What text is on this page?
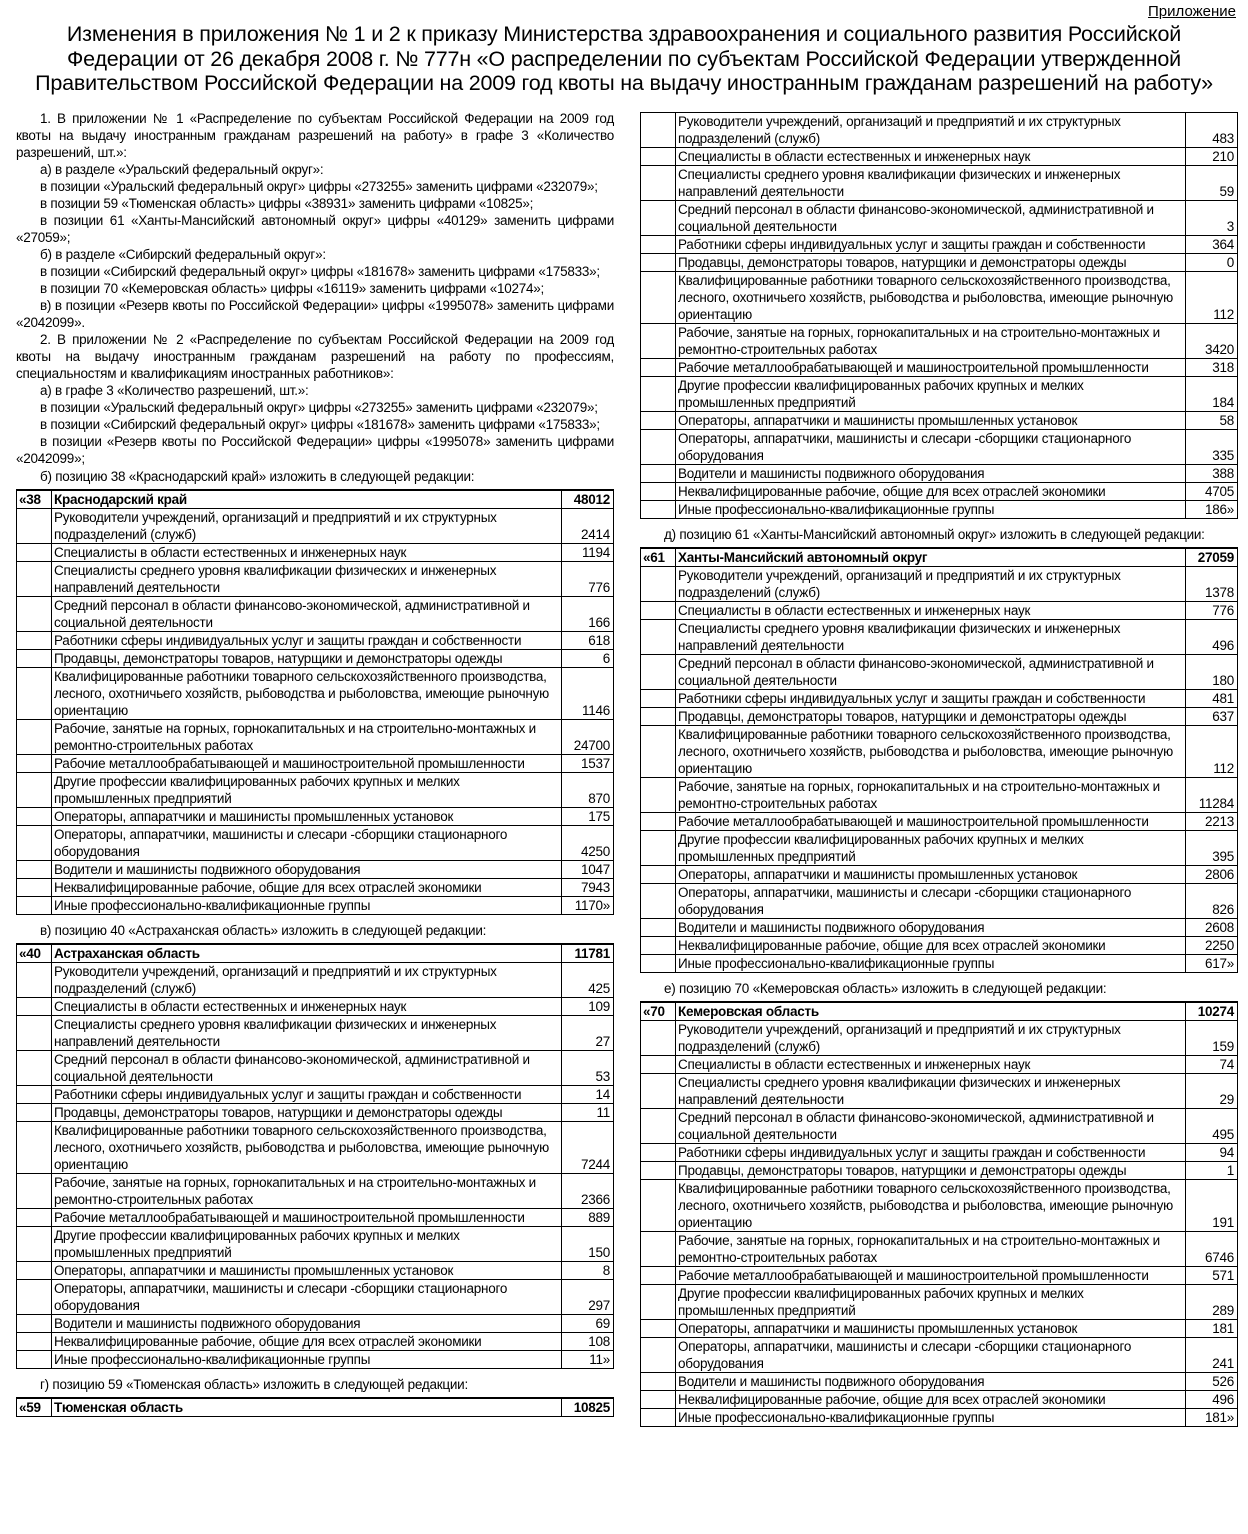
Приложение
Изменения в приложения № 1 и 2 к приказу Министерства здравоохранения и социального развития Российской Федерации от 26 декабря 2008 г. № 777н «О распределении по субъектам Российской Федерации утвержденной Правительством Российской Федерации на 2009 год квоты на выдачу иностранным гражданам разрешений на работу»

1. В приложении № 1 «Распределение по субъектам Российской Федерации на 2009 год квоты на выдачу иностранным гражданам разрешений на работу» в графе 3 «Количество разрешений, шт.»:

а) в разделе «Уральский федеральный округ»:

в позиции «Уральский федеральный округ» цифры «273255» заменить цифрами «232079»;

в позиции 59 «Тюменская область» цифры «38931» заменить цифрами «10825»;

в позиции 61 «Ханты-Мансийский автономный округ» цифры «40129» заменить цифрами «27059»;

б) в разделе «Сибирский федеральный округ»:

в позиции «Сибирский федеральный округ» цифры «181678» заменить цифрами «175833»;

в позиции 70 «Кемеровская область» цифры «16119» заменить цифрами «10274»;

в) в позиции «Резерв квоты по Российской Федерации» цифры «1995078» заменить цифрами «2042099».

2. В приложении № 2 «Распределение по субъектам Российской Федерации на 2009 год квоты на выдачу иностранным гражданам разрешений на работу по профессиям, специальностям и квалификациям иностранных работников»:

а) в графе 3 «Количество разрешений, шт.»:

в позиции «Уральский федеральный округ» цифры «273255» заменить цифрами «232079»;

в позиции «Сибирский федеральный округ» цифры «181678» заменить цифрами «175833»;

в позиции «Резерв квоты по Российской Федерации» цифры «1995078» заменить цифрами «2042099»;

б) позицию 38 «Краснодарский край» изложить в следующей редакции:

«38	Краснодарский край	48012
	Руководители учреждений, организаций и предприятий и их структурных подразделений (служб)	2414
	Специалисты в области естественных и инженерных наук	1194
	Специалисты среднего уровня квалификации физических и инженерных направлений деятельности	776
	Средний персонал в области финансово-экономической, административной и социальной деятельности	166
	Работники сферы индивидуальных услуг и защиты граждан и собственности	618
	Продавцы, демонстраторы товаров, натурщики и демонстраторы одежды	6
	Квалифицированные работники товарного сельскохозяйственного производства, лесного, охотничьего хозяйств, рыбоводства и рыболовства, имеющие рыночную ориентацию	1146
	Рабочие, занятые на горных, горнокапитальных и на строительно-монтажных и ремонтно-строительных работах	24700
	Рабочие металлообрабатывающей и машиностроительной промышленности	1537
	Другие профессии квалифицированных рабочих крупных и мелких промышленных предприятий	870
	Операторы, аппаратчики и машинисты промышленных установок	175
	Операторы, аппаратчики, машинисты и слесари -сборщики стационарного оборудования	4250
	Водители и машинисты подвижного оборудования	1047
	Неквалифицированные рабочие, общие для всех отраслей экономики	7943
	Иные профессионально-квалификационные группы	1170»

в) позицию 40 «Астраханская область» изложить в следующей редакции:

«40	Астраханская область	11781
	Руководители учреждений, организаций и предприятий и их структурных подразделений (служб)	425
	Специалисты в области естественных и инженерных наук	109
	Специалисты среднего уровня квалификации физических и инженерных направлений деятельности	27
	Средний персонал в области финансово-экономической, административной и социальной деятельности	53
	Работники сферы индивидуальных услуг и защиты граждан и собственности	14
	Продавцы, демонстраторы товаров, натурщики и демонстраторы одежды	11
	Квалифицированные работники товарного сельскохозяйственного производства, лесного, охотничьего хозяйств, рыбоводства и рыболовства, имеющие рыночную ориентацию	7244
	Рабочие, занятые на горных, горнокапитальных и на строительно-монтажных и ремонтно-строительных работах	2366
	Рабочие металлообрабатывающей и машиностроительной промышленности	889
	Другие профессии квалифицированных рабочих крупных и мелких промышленных предприятий	150
	Операторы, аппаратчики и машинисты промышленных установок	8
	Операторы, аппаратчики, машинисты и слесари -сборщики стационарного оборудования	297
	Водители и машинисты подвижного оборудования	69
	Неквалифицированные рабочие, общие для всех отраслей экономики	108
	Иные профессионально-квалификационные группы	11»

г) позицию 59 «Тюменская область» изложить в следующей редакции:

«59	Тюменская область	10825
	Руководители учреждений, организаций и предприятий и их структурных подразделений (служб)	483
	Специалисты в области естественных и инженерных наук	210
	Специалисты среднего уровня квалификации физических и инженерных направлений деятельности	59
	Средний персонал в области финансово-экономической, административной и социальной деятельности	3
	Работники сферы индивидуальных услуг и защиты граждан и собственности	364
	Продавцы, демонстраторы товаров, натурщики и демонстраторы одежды	0
	Квалифицированные работники товарного сельскохозяйственного производства, лесного, охотничьего хозяйств, рыбоводства и рыболовства, имеющие рыночную ориентацию	112
	Рабочие, занятые на горных, горнокапитальных и на строительно-монтажных и ремонтно-строительных работах	3420
	Рабочие металлообрабатывающей и машиностроительной промышленности	318
	Другие профессии квалифицированных рабочих крупных и мелких промышленных предприятий	184
	Операторы, аппаратчики и машинисты промышленных установок	58
	Операторы, аппаратчики, машинисты и слесари -сборщики стационарного оборудования	335
	Водители и машинисты подвижного оборудования	388
	Неквалифицированные рабочие, общие для всех отраслей экономики	4705
	Иные профессионально-квалификационные группы	186»

д) позицию 61 «Ханты-Мансийский автономный округ» изложить в следующей редакции:

«61	Ханты-Мансийский автономный округ	27059
	Руководители учреждений, организаций и предприятий и их структурных подразделений (служб)	1378
	Специалисты в области естественных и инженерных наук	776
	Специалисты среднего уровня квалификации физических и инженерных направлений деятельности	496
	Средний персонал в области финансово-экономической, административной и социальной деятельности	180
	Работники сферы индивидуальных услуг и защиты граждан и собственности	481
	Продавцы, демонстраторы товаров, натурщики и демонстраторы одежды	637
	Квалифицированные работники товарного сельскохозяйственного производства, лесного, охотничьего хозяйств, рыбоводства и рыболовства, имеющие рыночную ориентацию	112
	Рабочие, занятые на горных, горнокапитальных и на строительно-монтажных и ремонтно-строительных работах	11284
	Рабочие металлообрабатывающей и машиностроительной промышленности	2213
	Другие профессии квалифицированных рабочих крупных и мелких промышленных предприятий	395
	Операторы, аппаратчики и машинисты промышленных установок	2806
	Операторы, аппаратчики, машинисты и слесари -сборщики стационарного оборудования	826
	Водители и машинисты подвижного оборудования	2608
	Неквалифицированные рабочие, общие для всех отраслей экономики	2250
	Иные профессионально-квалификационные группы	617»

е) позицию 70 «Кемеровская область» изложить в следующей редакции:

«70	Кемеровская область	10274
	Руководители учреждений, организаций и предприятий и их структурных подразделений (служб)	159
	Специалисты в области естественных и инженерных наук	74
	Специалисты среднего уровня квалификации физических и инженерных направлений деятельности	29
	Средний персонал в области финансово-экономической, административной и социальной деятельности	495
	Работники сферы индивидуальных услуг и защиты граждан и собственности	94
	Продавцы, демонстраторы товаров, натурщики и демонстраторы одежды	1
	Квалифицированные работники товарного сельскохозяйственного производства, лесного, охотничьего хозяйств, рыбоводства и рыболовства, имеющие рыночную ориентацию	191
	Рабочие, занятые на горных, горнокапитальных и на строительно-монтажных и ремонтно-строительных работах	6746
	Рабочие металлообрабатывающей и машиностроительной промышленности	571
	Другие профессии квалифицированных рабочих крупных и мелких промышленных предприятий	289
	Операторы, аппаратчики и машинисты промышленных установок	181
	Операторы, аппаратчики, машинисты и слесари -сборщики стационарного оборудования	241
	Водители и машинисты подвижного оборудования	526
	Неквалифицированные рабочие, общие для всех отраслей экономики	496
	Иные профессионально-квалификационные группы	181»
